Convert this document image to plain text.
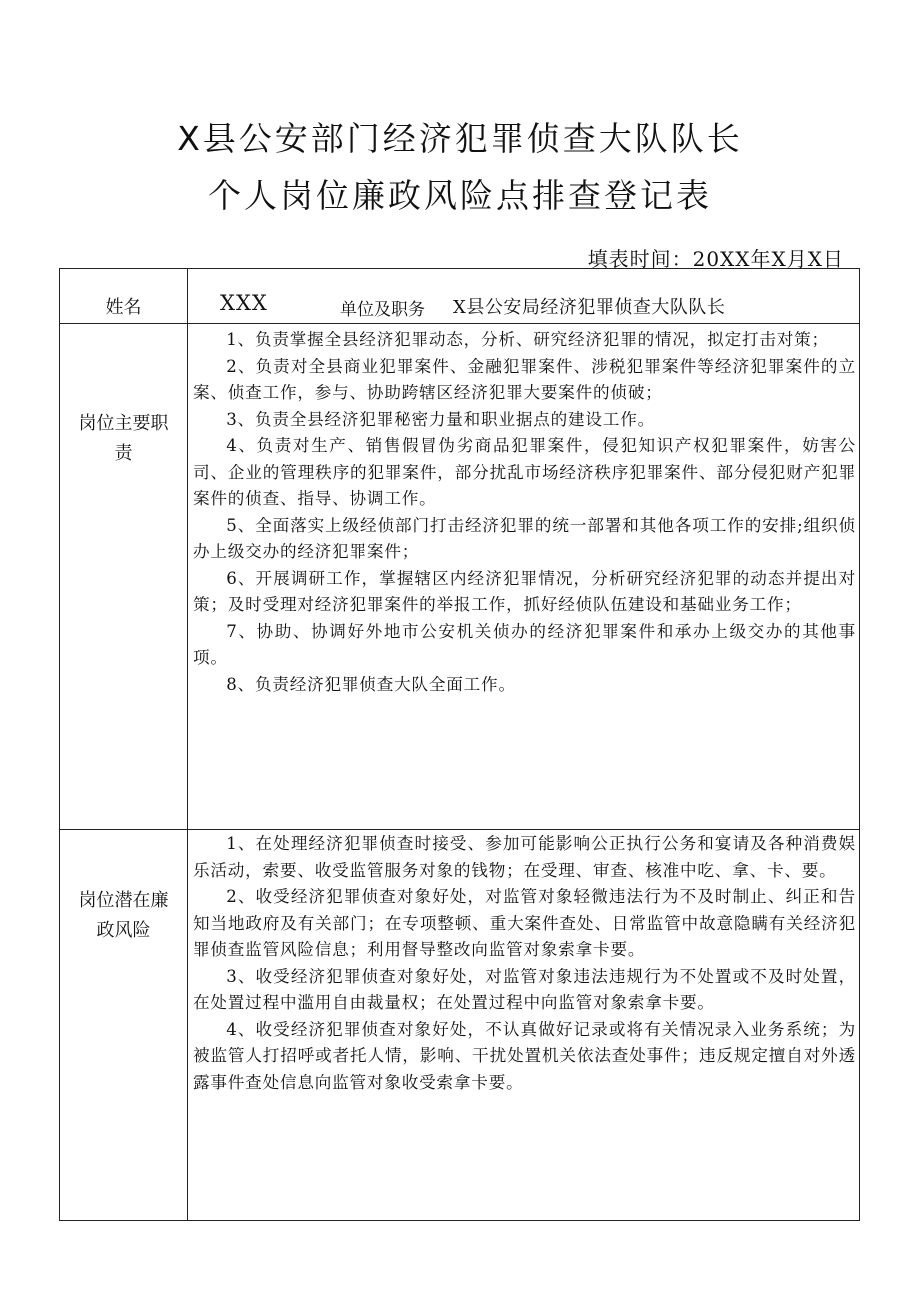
X县公安部门经济犯罪侦查大队队长
个人岗位廉政风险点排查登记表
填表时间：20XX年X月X日
姓名	XXX	单位及职务 X县公安局经济犯罪侦查大队队长
岗位主要职
责

1、负责掌握全县经济犯罪动态，分析、研究经济犯罪的情况，拟定打击对策；

2、负责对全县商业犯罪案件、金融犯罪案件、涉税犯罪案件等经济犯罪案件的立案、侦查工作，参与、协助跨辖区经济犯罪大要案件的侦破；

3、负责全县经济犯罪秘密力量和职业据点的建设工作。

4、负责对生产、销售假冒伪劣商品犯罪案件，侵犯知识产权犯罪案件，妨害公司、企业的管理秩序的犯罪案件，部分扰乱市场经济秩序犯罪案件、部分侵犯财产犯罪案件的侦查、指导、协调工作。

5、全面落实上级经侦部门打击经济犯罪的统一部署和其他各项工作的安排;组织侦办上级交办的经济犯罪案件；

6、开展调研工作，掌握辖区内经济犯罪情况，分析研究经济犯罪的动态并提出对策；及时受理对经济犯罪案件的举报工作，抓好经侦队伍建设和基础业务工作；

7、协助、协调好外地市公安机关侦办的经济犯罪案件和承办上级交办的其他事项。

8、负责经济犯罪侦查大队全面工作。

岗位潜在廉
政风险

1、在处理经济犯罪侦查时接受、参加可能影响公正执行公务和宴请及各种消费娱乐活动，索要、收受监管服务对象的钱物；在受理、审查、核准中吃、拿、卡、要。

2、收受经济犯罪侦查对象好处，对监管对象轻微违法行为不及时制止、纠正和告知当地政府及有关部门；在专项整顿、重大案件查处、日常监管中故意隐瞒有关经济犯罪侦查监管风险信息；利用督导整改向监管对象索拿卡要。

3、收受经济犯罪侦查对象好处，对监管对象违法违规行为不处置或不及时处置，在处置过程中滥用自由裁量权；在处置过程中向监管对象索拿卡要。

4、收受经济犯罪侦查对象好处，不认真做好记录或将有关情况录入业务系统；为被监管人打招呼或者托人情，影响、干扰处置机关依法查处事件；违反规定擅自对外透露事件查处信息向监管对象收受索拿卡要。
